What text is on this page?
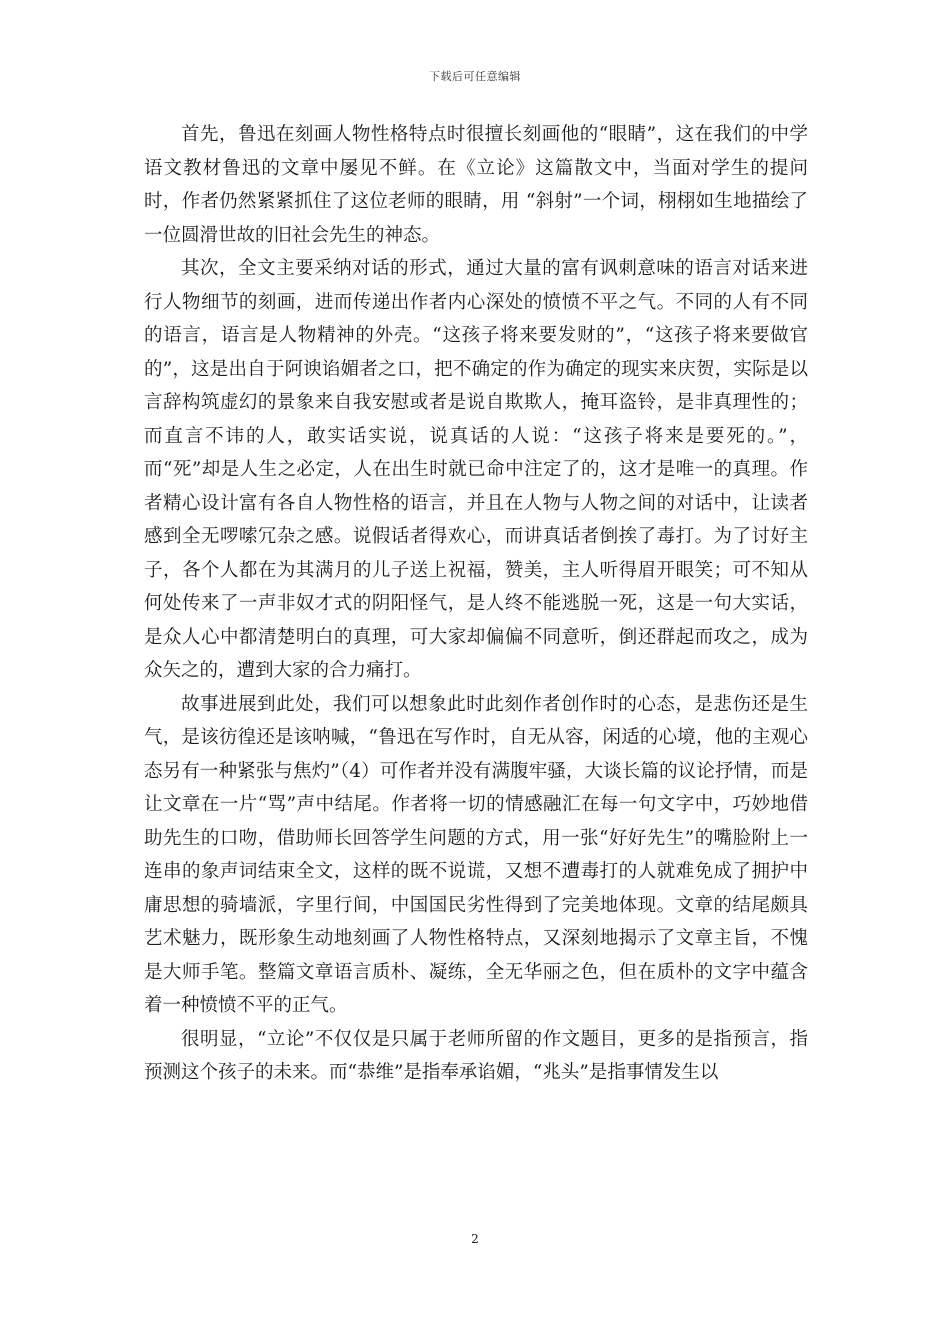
下载后可任意编辑

首先，鲁迅在刻画人物性格特点时很擅长刻画他的“眼睛”，这在我们的中学语文教材鲁迅的文章中屡见不鲜。在《立论》这篇散文中，当面对学生的提问时，作者仍然紧紧抓住了这位老师的眼睛，用 “斜射”一个词，栩栩如生地描绘了一位圆滑世故的旧社会先生的神态。

其次，全文主要采纳对话的形式，通过大量的富有讽刺意味的语言对话来进行人物细节的刻画，进而传递出作者内心深处的愤愤不平之气。不同的人有不同的语言，语言是人物精神的外壳。“这孩子将来要发财的”，“这孩子将来要做官的”，这是出自于阿谀谄媚者之口，把不确定的作为确定的现实来庆贺，实际是以言辞构筑虚幻的景象来自我安慰或者是说自欺欺人，掩耳盗铃，是非真理性的；而直言不讳的人，敢实话实说，说真话的人说：“这孩子将来是要死的。”，而“死”却是人生之必定，人在出生时就已命中注定了的，这才是唯一的真理。作者精心设计富有各自人物性格的语言，并且在人物与人物之间的对话中，让读者感到全无啰嗦冗杂之感。说假话者得欢心，而讲真话者倒挨了毒打。为了讨好主子，各个人都在为其满月的儿子送上祝福，赞美，主人听得眉开眼笑；可不知从何处传来了一声非奴才式的阴阳怪气，是人终不能逃脱一死，这是一句大实话，是众人心中都清楚明白的真理，可大家却偏偏不同意听，倒还群起而攻之，成为众矢之的，遭到大家的合力痛打。

故事进展到此处，我们可以想象此时此刻作者创作时的心态，是悲伤还是生气，是该彷徨还是该呐喊，“鲁迅在写作时，自无从容，闲适的心境，他的主观心态另有一种紧张与焦灼”（4）可作者并没有满腹牢骚，大谈长篇的议论抒情，而是让文章在一片“骂”声中结尾。作者将一切的情感融汇在每一句文字中，巧妙地借助先生的口吻，借助师长回答学生问题的方式，用一张“好好先生”的嘴脸附上一连串的象声词结束全文，这样的既不说谎，又想不遭毒打的人就难免成了拥护中庸思想的骑墙派，字里行间，中国国民劣性得到了完美地体现。文章的结尾颇具艺术魅力，既形象生动地刻画了人物性格特点，又深刻地揭示了文章主旨，不愧是大师手笔。整篇文章语言质朴、凝练，全无华丽之色，但在质朴的文字中蕴含着一种愤愤不平的正气。

很明显，“立论”不仅仅是只属于老师所留的作文题目，更多的是指预言，指预测这个孩子的未来。而“恭维”是指奉承谄媚，“兆头”是指事情发生以

2
